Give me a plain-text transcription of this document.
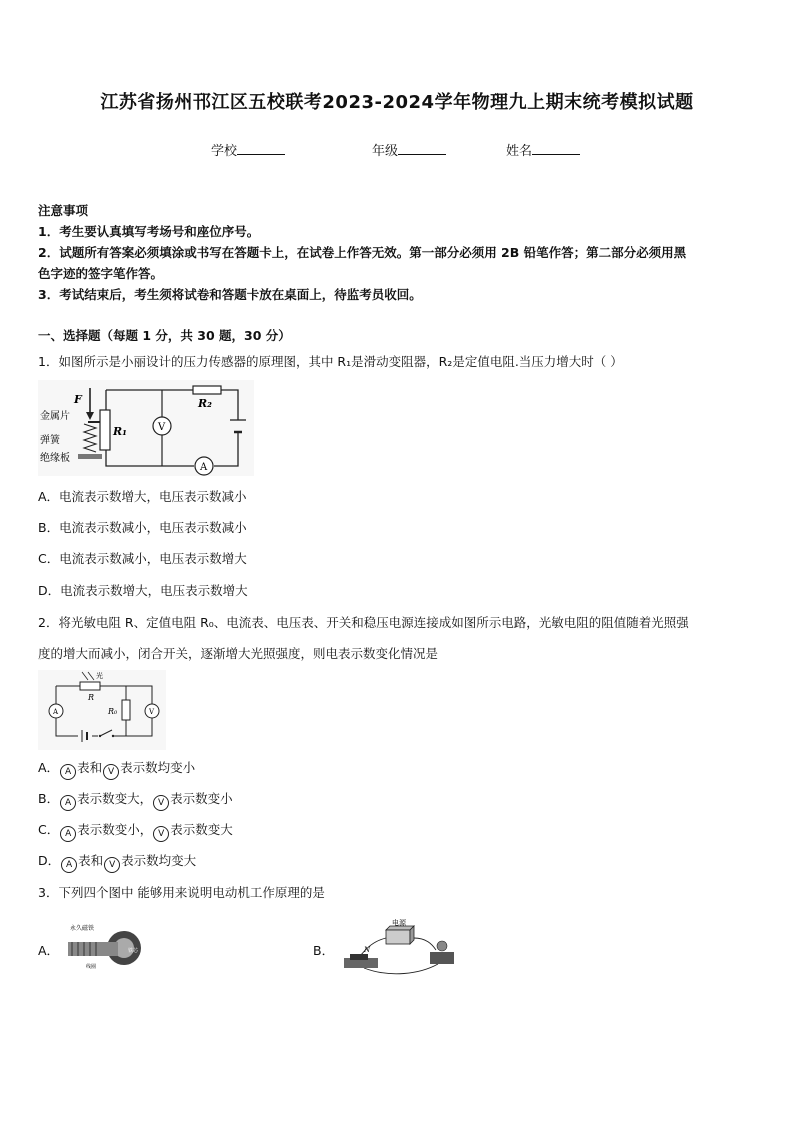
江苏省扬州邗江区五校联考2023-2024学年物理九上期末统考模拟试题
学校	年级	姓名
注意事项
1．考生要认真填写考场号和座位序号。
2．试题所有答案必须填涂或书写在答题卡上，在试卷上作答无效。第一部分必须用 2B 铅笔作答；第二部分必须用黑
色字迹的签字笔作答。
3．考试结束后，考生须将试卷和答题卡放在桌面上，待监考员收回。
一、选择题（每题 1 分，共 30 题，30 分）
1．如图所示是小丽设计的压力传感器的原理图，其中 R₁是滑动变阻器，R₂是定值电阻.当压力增大时（ ）
F
金属片
弹簧
绝缘板
R₁
R₂
V
A
A．电流表示数增大，电压表示数减小
B．电流表示数减小，电压表示数减小
C．电流表示数减小，电压表示数增大
D．电流表示数增大，电压表示数增大
2．将光敏电阻 R、定值电阻 R₀、电流表、电压表、开关和稳压电源连接成如图所示电路，光敏电阻的阻值随着光照强
度的增大而减小，闭合开关，逐渐增大光照强度，则电表示数变化情况是
光
R
R₀
A	V
A． A 表和 V 表示数均变小
B． A 表示数变大， V 表示数变小
C． A 表示数变小， V 表示数变大
D． A 表和 V 表示数均变大
3．下列四个图中 能够用来说明电动机工作原理的是
A．
永久磁铁
铁芯
线圈
B．
电源
N
